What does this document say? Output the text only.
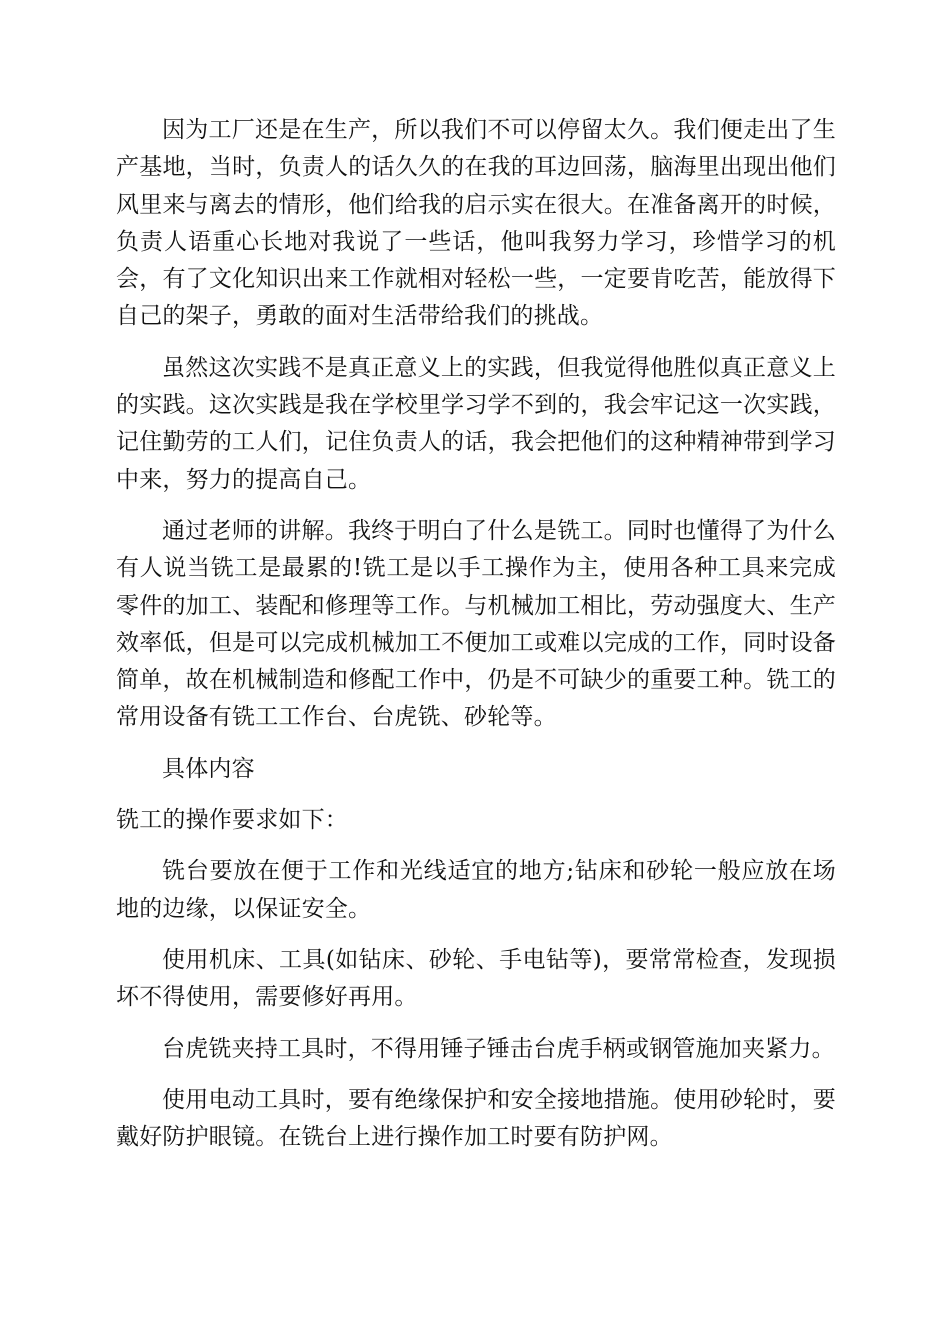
因为工厂还是在生产，所以我们不可以停留太久。我们便走出了生产基地，当时，负责人的话久久的在我的耳边回荡，脑海里出现出他们风里来与离去的情形，他们给我的启示实在很大。在准备离开的时候，负责人语重心长地对我说了一些话，他叫我努力学习，珍惜学习的机会，有了文化知识出来工作就相对轻松一些，一定要肯吃苦，能放得下自己的架子，勇敢的面对生活带给我们的挑战。

虽然这次实践不是真正意义上的实践，但我觉得他胜似真正意义上的实践。这次实践是我在学校里学习学不到的，我会牢记这一次实践，记住勤劳的工人们，记住负责人的话，我会把他们的这种精神带到学习中来，努力的提高自己。

通过老师的讲解。我终于明白了什么是铣工。同时也懂得了为什么有人说当铣工是最累的!铣工是以手工操作为主，使用各种工具来完成零件的加工、装配和修理等工作。与机械加工相比，劳动强度大、生产效率低，但是可以完成机械加工不便加工或难以完成的工作，同时设备简单，故在机械制造和修配工作中，仍是不可缺少的重要工种。铣工的常用设备有铣工工作台、台虎铣、砂轮等。

具体内容

铣工的操作要求如下：

铣台要放在便于工作和光线适宜的地方;钻床和砂轮一般应放在场地的边缘，以保证安全。

使用机床、工具(如钻床、砂轮、手电钻等)，要常常检查，发现损坏不得使用，需要修好再用。

台虎铣夹持工具时，不得用锤子锤击台虎手柄或钢管施加夹紧力。

使用电动工具时，要有绝缘保护和安全接地措施。使用砂轮时，要戴好防护眼镜。在铣台上进行操作加工时要有防护网。
